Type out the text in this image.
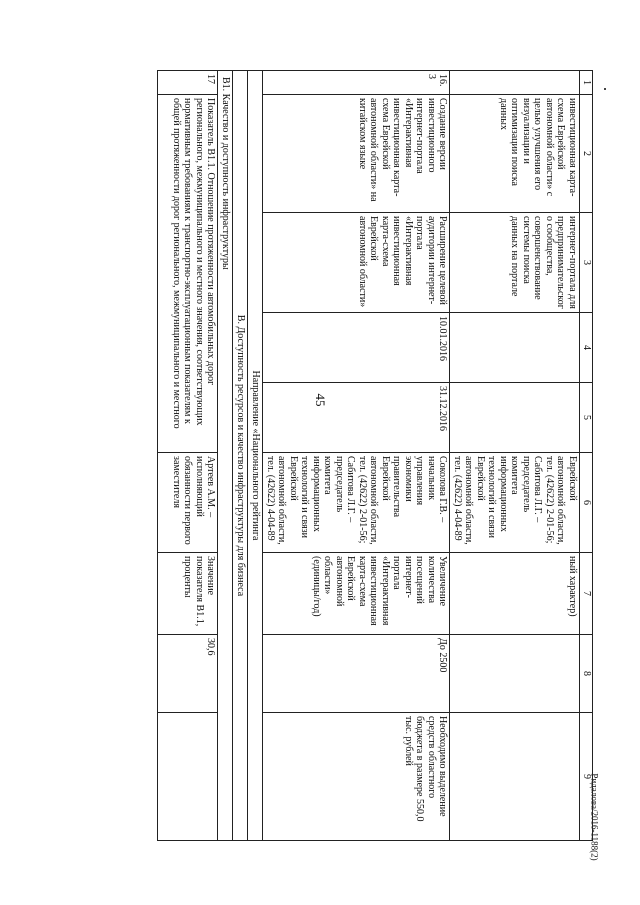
45
Ридалова/2016-1188(2)
1	2	3	4	5	6	7	8	9
	инвестиционная карта-схема Еврейской автономной области» с целью улучшения его визуализации и оптимизации поиска данных	интернет-портала для предпринимательского сообщества, совершенствование системы поиска данных на портале			Еврейской автономной области, тел. (42622) 2-01-56; Сабитова Л.Г. – председатель комитета информационных технологий и связи Еврейской автономной области, тел. (42622) 4-04-89	ный характер)		
16.3	Создание версии инвестиционного интернет-портала «Интерактивная инвестиционная карта-схема Еврейской автономной области» на китайском языке	Расширение целевой аудитории интернет-портала «Интерактивная инвестиционная карта-схема Еврейской автономной области»	10.01.2016	31.12.2016	Соколова Г.В. – начальник управления экономики правительства Еврейской автономной области, тел. (42622) 2-01-56; Сабитова Л.Г. – председатель комитета информационных технологий и связи Еврейской автономной области, тел. (42622) 4-04-89	Увеличение количества посещений интернет-портала «Интерактивная инвестиционная карта-схема Еврейской автономной области» (единицы/год)	До 2500	Необходимо выделение средств областного бюджета в размере 550,0 тыс. рублей
Направление «Национального рейтинга								
В. Доступность ресурсов и качество инфраструктуры для бизнеса								
В1. Качество и доступность инфраструктуры								
17	Показатель В1.1. Отношение протяженности автомобильных дорог регионального, межмуниципального и местного значения, соответствующих нормативным требованиям к транспортно-эксплуатационным показателям к общей протяженности дорог регионального, межмуниципального и местного				Артеев А.М. – исполняющий обязанности первого заместителя	Значение показателя В1.1, проценты	30,6	
